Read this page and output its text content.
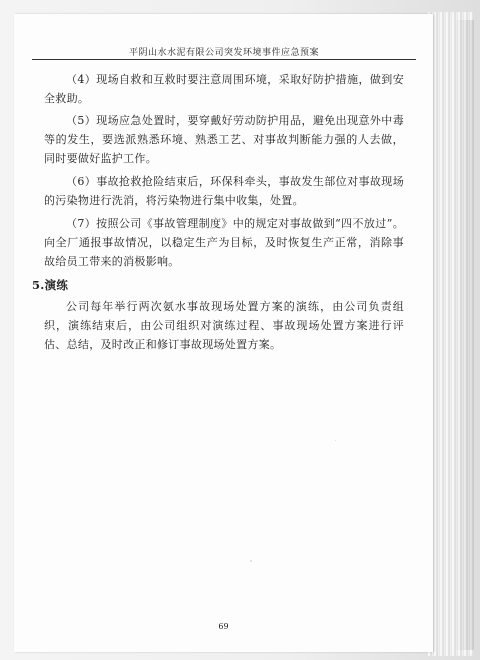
平阴山水水泥有限公司突发环境事件应急预案

（4）现场自救和互救时要注意周围环境，采取好防护措施，做到安全救助。

（5）现场应急处置时，要穿戴好劳动防护用品，避免出现意外中毒等的发生，要选派熟悉环境、熟悉工艺、对事故判断能力强的人去做，同时要做好监护工作。

（6）事故抢救抢险结束后，环保科牵头，事故发生部位对事故现场的污染物进行洗消，将污染物进行集中收集，处置。

（7）按照公司《事故管理制度》中的规定对事故做到“四不放过”。向全厂通报事故情况，以稳定生产为目标，及时恢复生产正常，消除事故给员工带来的消极影响。

5.演练

公司每年举行两次氨水事故现场处置方案的演练，由公司负责组织，演练结束后，由公司组织对演练过程、事故现场处置方案进行评估、总结，及时改正和修订事故现场处置方案。

69
